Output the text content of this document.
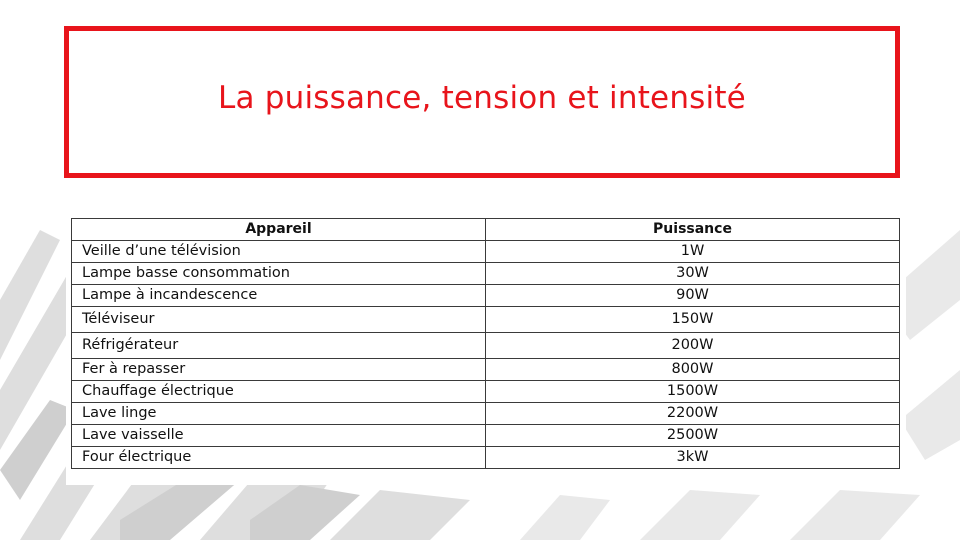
La puissance, tension et intensité
Appareil	Puissance
Veille d’une télévision	1W
Lampe basse consommation	30W
Lampe à incandescence	90W
Téléviseur	150W
Réfrigérateur	200W
Fer à repasser	800W
Chauffage électrique	1500W
Lave linge	2200W
Lave vaisselle	2500W
Four électrique	3kW
